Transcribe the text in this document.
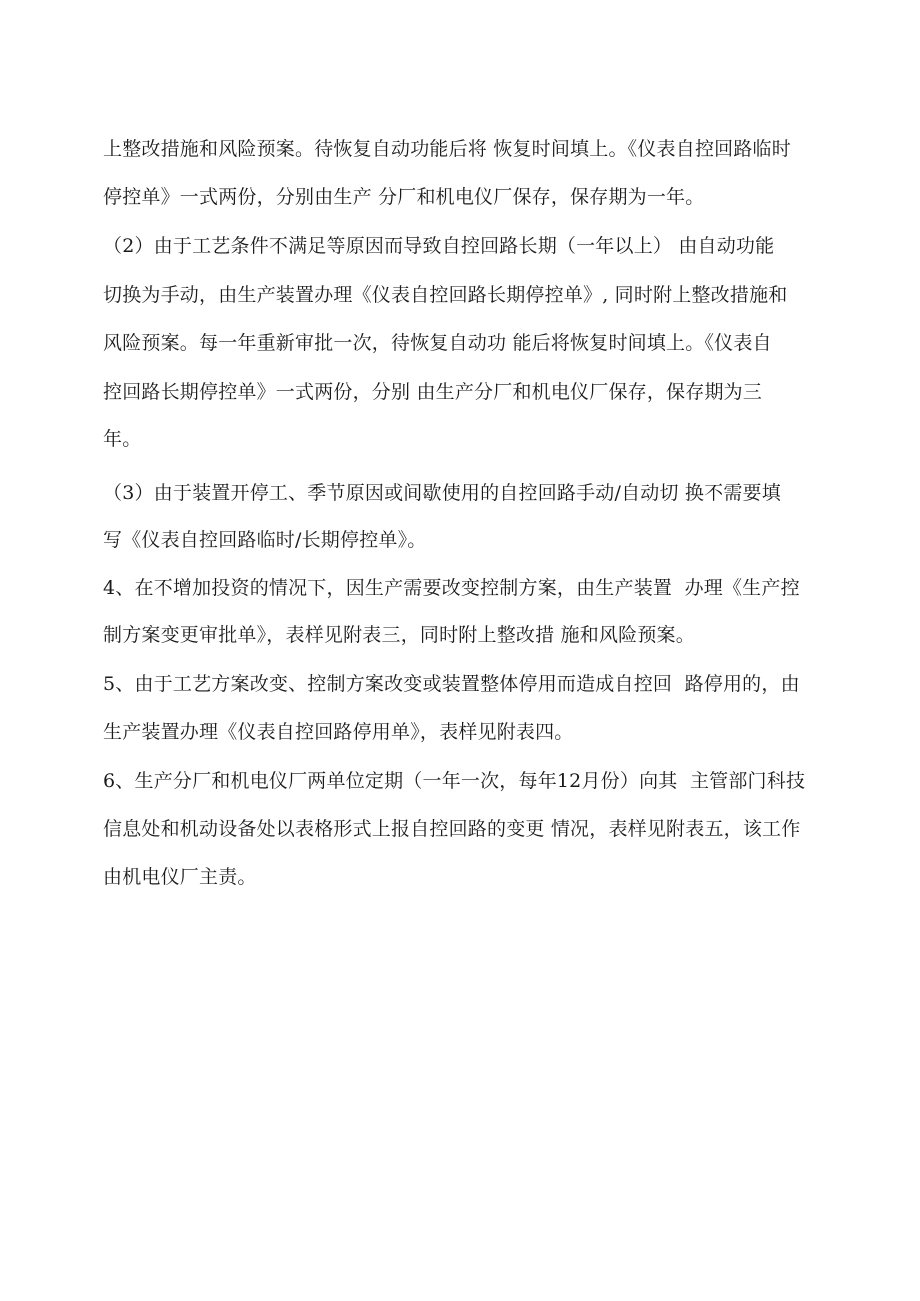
上整改措施和风险预案。待恢复自动功能后将 恢复时间填上。《仪表自控回路临时
停控单》一式两份，分别由生产 分厂和机电仪厂保存，保存期为一年。
（2）由于工艺条件不满足等原因而导致自控回路长期（一年以上） 由自动功能
切换为手动，由生产装置办理《仪表自控回路长期停控单》, 同时附上整改措施和
风险预案。每一年重新审批一次，待恢复自动功 能后将恢复时间填上。《仪表自
控回路长期停控单》一式两份，分别 由生产分厂和机电仪厂保存，保存期为三
年。
（3）由于装置开停工、季节原因或间歇使用的自控回路手动/自动切 换不需要填
写《仪表自控回路临时/长期停控单》。
4、在不增加投资的情况下，因生产需要改变控制方案，由生产装置  办理《生产控
制方案变更审批单》，表样见附表三，同时附上整改措 施和风险预案。
5、由于工艺方案改变、控制方案改变或装置整体停用而造成自控回  路停用的，由
生产装置办理《仪表自控回路停用单》，表样见附表四。
6、生产分厂和机电仪厂两单位定期（一年一次，每年12月份）向其  主管部门科技
信息处和机动设备处以表格形式上报自控回路的变更 情况，表样见附表五，该工作
由机电仪厂主责。
